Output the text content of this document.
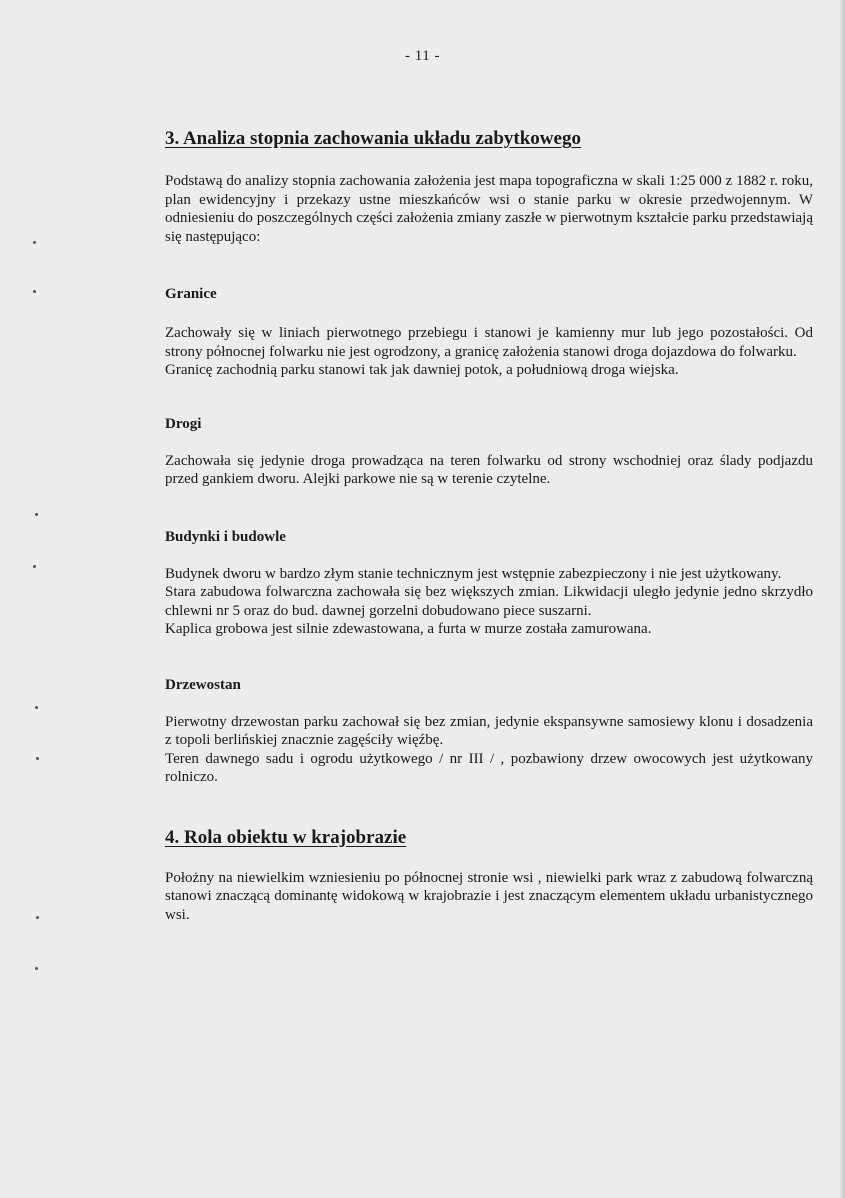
- 11 -
3. Analiza stopnia zachowania układu zabytkowego

Podstawą do analizy stopnia zachowania założenia jest mapa topograficzna w skali 1:25 000 z 1882 r. roku, plan ewidencyjny i przekazy ustne mieszkańców wsi o stanie parku w okresie przedwojennym. W odniesieniu do poszczególnych części założenia zmiany zaszłe w pierwotnym kształcie parku przedstawiają się następująco:

Granice

Zachowały się w liniach pierwotnego przebiegu i stanowi je kamienny mur lub jego pozostałości. Od strony północnej folwarku nie jest ogrodzony, a granicę założenia stanowi droga dojazdowa do folwarku.

Granicę zachodnią parku stanowi tak jak dawniej potok, a południową droga wiejska.

Drogi

Zachowała się jedynie droga prowadząca na teren folwarku od strony wschodniej oraz ślady podjazdu przed gankiem dworu. Alejki parkowe nie są w terenie czytelne.

Budynki i budowle

Budynek dworu w bardzo złym stanie technicznym jest wstępnie zabezpieczony i nie jest użytkowany.

Stara zabudowa folwarczna zachowała się bez większych zmian. Likwidacji uległo jedynie jedno skrzydło chlewni nr 5 oraz do bud. dawnej gorzelni dobudowano piece suszarni.

Kaplica grobowa jest silnie zdewastowana, a furta w murze została zamurowana.

Drzewostan

Pierwotny drzewostan parku zachował się bez zmian, jedynie ekspansywne samosiewy klonu i dosadzenia z topoli berlińskiej znacznie zagęściły więźbę.

Teren dawnego sadu i ogrodu użytkowego / nr III / , pozbawiony drzew owocowych jest użytkowany rolniczo.

4. Rola obiektu w krajobrazie

Położny na niewielkim wzniesieniu po północnej stronie wsi , niewielki park wraz z zabudową folwarczną stanowi znaczącą dominantę widokową w krajobrazie i jest znaczącym elementem układu urbanistycznego wsi.
